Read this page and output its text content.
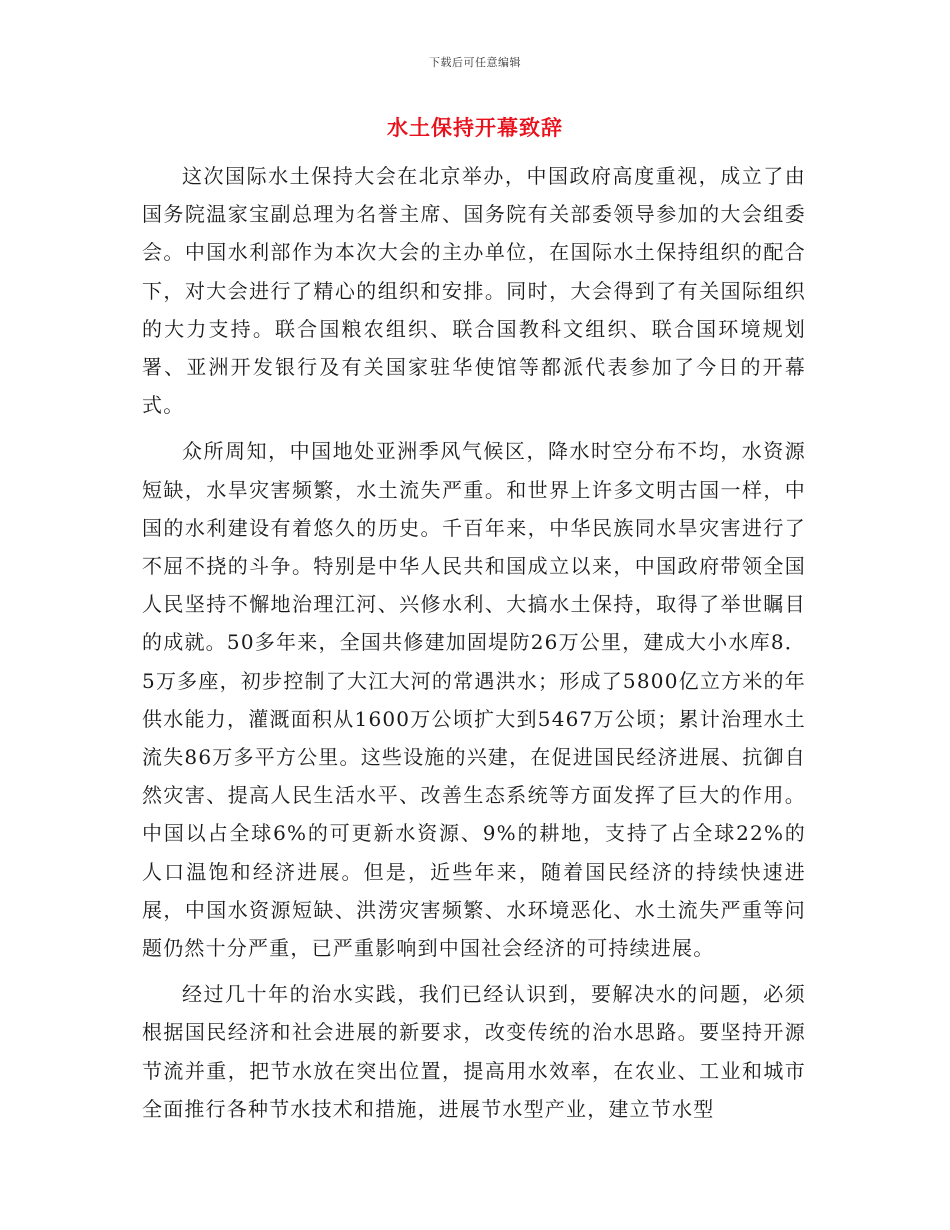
下载后可任意编辑
水土保持开幕致辞

这次国际水土保持大会在北京举办，中国政府高度重视，成立了由国务院温家宝副总理为名誉主席、国务院有关部委领导参加的大会组委会。中国水利部作为本次大会的主办单位，在国际水土保持组织的配合下，对大会进行了精心的组织和安排。同时，大会得到了有关国际组织的大力支持。联合国粮农组织、联合国教科文组织、联合国环境规划署、亚洲开发银行及有关国家驻华使馆等都派代表参加了今日的开幕式。

众所周知，中国地处亚洲季风气候区，降水时空分布不均，水资源短缺，水旱灾害频繁，水土流失严重。和世界上许多文明古国一样，中国的水利建设有着悠久的历史。千百年来，中华民族同水旱灾害进行了不屈不挠的斗争。特别是中华人民共和国成立以来，中国政府带领全国人民坚持不懈地治理江河、兴修水利、大搞水土保持，取得了举世瞩目的成就。50多年来，全国共修建加固堤防26万公里，建成大小水库8．5万多座，初步控制了大江大河的常遇洪水；形成了5800亿立方米的年供水能力，灌溉面积从1600万公顷扩大到5467万公顷；累计治理水土流失86万多平方公里。这些设施的兴建，在促进国民经济进展、抗御自然灾害、提高人民生活水平、改善生态系统等方面发挥了巨大的作用。中国以占全球6%的可更新水资源、9%的耕地，支持了占全球22%的人口温饱和经济进展。但是，近些年来，随着国民经济的持续快速进展，中国水资源短缺、洪涝灾害频繁、水环境恶化、水土流失严重等问题仍然十分严重，已严重影响到中国社会经济的可持续进展。

经过几十年的治水实践，我们已经认识到，要解决水的问题，必须根据国民经济和社会进展的新要求，改变传统的治水思路。要坚持开源节流并重，把节水放在突出位置，提高用水效率，在农业、工业和城市全面推行各种节水技术和措施，进展节水型产业，建立节水型
